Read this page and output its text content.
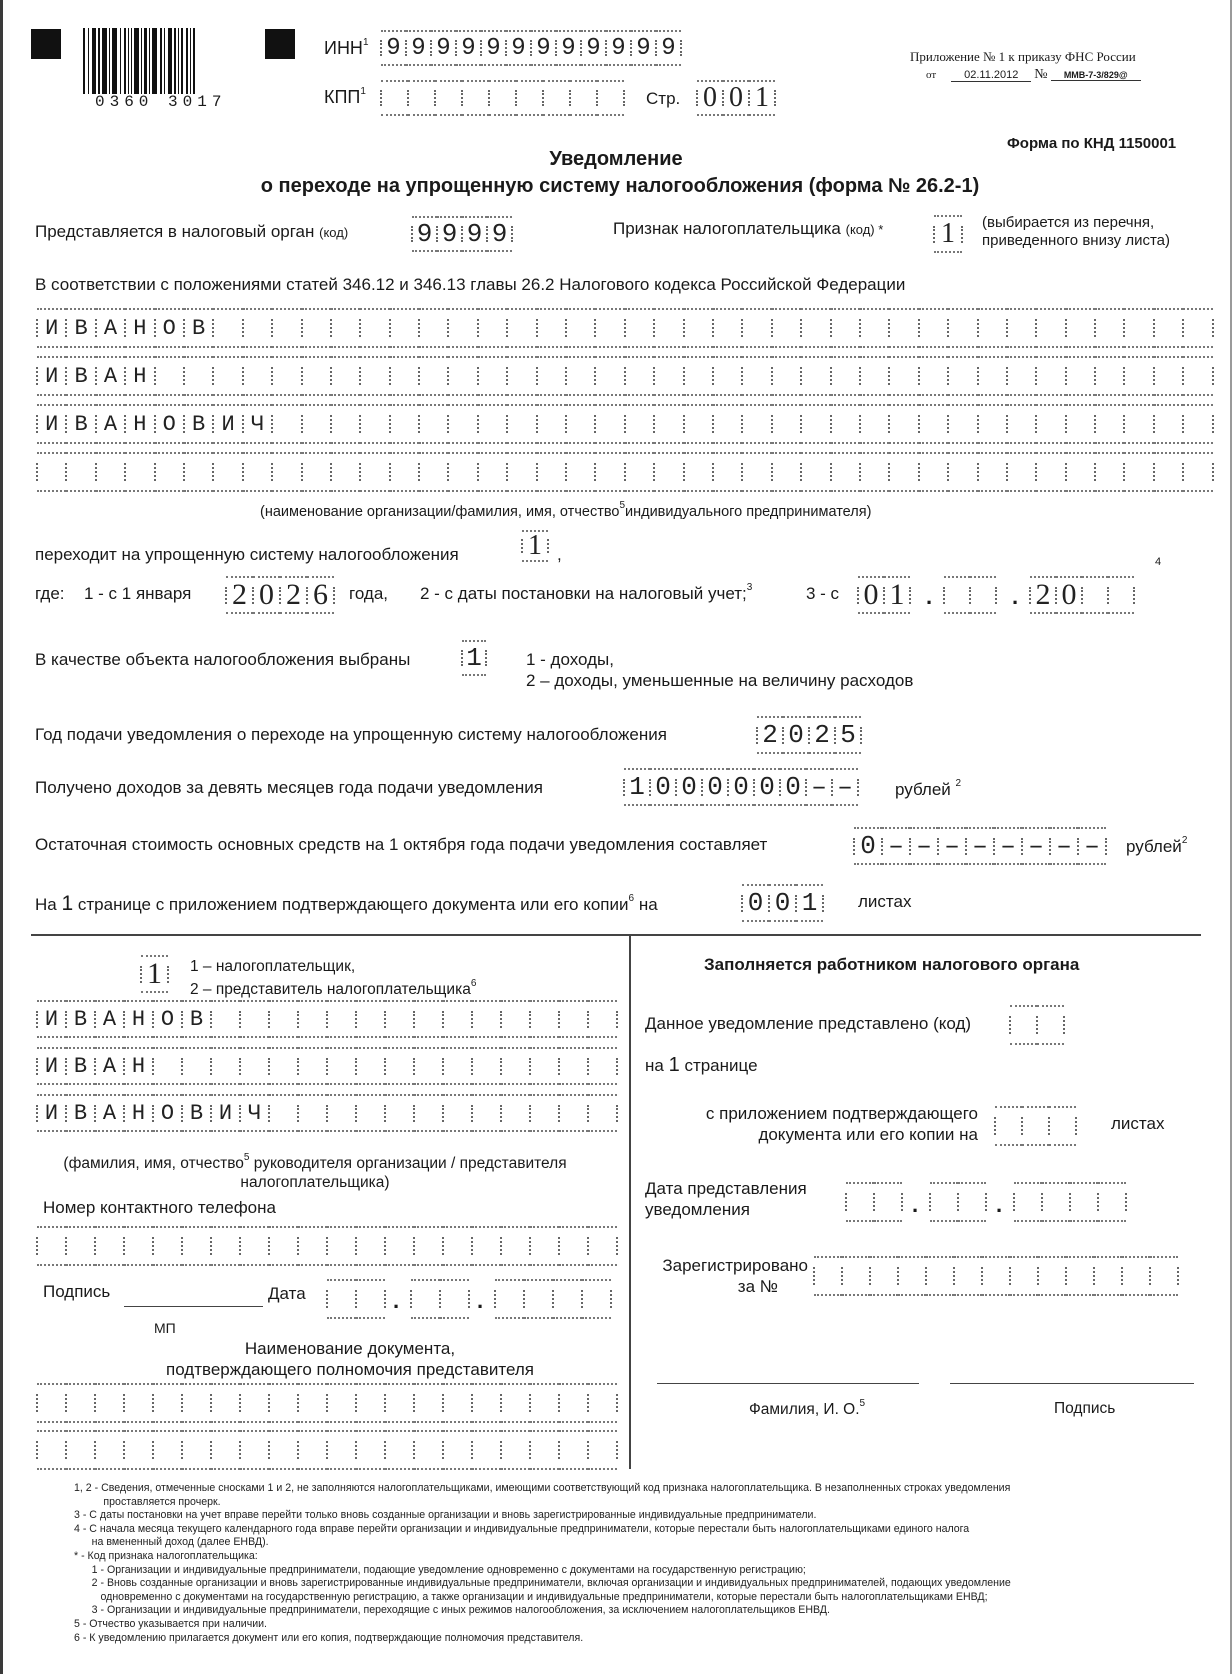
0360 3017
ИНН$^1$ 9 9 9 9 9 9 9 9 9 9 9 9
КПП$^1$	Стр. 0 0 1
Приложение № 1 к приказу ФНС России
от	02.11.2012 № ММВ-7-3/829@
Форма по КНД 1150001
Уведомление
о переходе на упрощенную систему налогообложения (форма № 26.2-1)
Представляется в налоговый орган (код)	9 9 9 9	Признак налогоплательщика (код) * 1	(выбирается из перечня,
приведенного внизу листа)
В соответствии с положениями статей 346.12 и 346.13 главы 26.2 Налогового кодекса Российской Федерации
И В А Н О В
И В А Н
И В А Н О В И Ч
(наименование организации/фамилия, имя, отчество$^5$индивидуального предпринимателя)
переходит на упрощенную систему налогообложения 1 ,
где: 1 - с 1 января 2 0 2 6	года, 2 - с даты постановки на налоговый учет;$^3$	3 - с
4
0 1 .	. 2 0
В качестве объекта налогообложения выбраны 1	1 - доходы,
2 – доходы, уменьшенные на величину расходов
Год подачи уведомления о переходе на упрощенную систему налогообложения	2 0 2 5
Получено доходов за девять месяцев года подачи уведомления	1 0 0 0 0 0 0 – –	рублей $^2$
Остаточная стоимость основных средств на 1 октября года подачи уведомления составляет	0 – – – – – – – –	рублей$^2$
На 1 странице с приложением подтверждающего документа или его копии$^6$ на	0 0 1	листах
1	1 – налогоплательщик,
2 – представитель налогоплательщика$^6$
И В А Н О В
И В А Н
И В А Н О В И Ч
(фамилия, имя, отчество$^5$ руководителя организации / представителя
налогоплательщика)
Номер контактного телефона
Подпись	Дата	.	.
МП
Наименование документа,
подтверждающего полномочия представителя
Заполняется работником налогового органа
Данное уведомление представлено (код)
на 1 странице
с приложением подтверждающего
документа или его копии на
листах
Дата представления
уведомления	.	.
Зарегистрировано
за №
Фамилия, И. О.$^5$	Подпись
1, 2 - Сведения, отмеченные сносками 1 и 2, не заполняются налогоплательщиками, имеющими соответствующий код признака налогоплательщика. В незаполненных строках уведомления
проставляется прочерк.
3 - С даты постановки на учет вправе перейти только вновь созданные организации и вновь зарегистрированные индивидуальные предприниматели.
4 - С начала месяца текущего календарного года вправе перейти организации и индивидуальные предприниматели, которые перестали быть налогоплательщиками единого налога
на вмененный доход (далее ЕНВД).
* - Код признака налогоплательщика:
1 - Организации и индивидуальные предприниматели, подающие уведомление одновременно с документами на государственную регистрацию;
2 - Вновь созданные организации и вновь зарегистрированные индивидуальные предприниматели, включая организации и индивидуальных предпринимателей, подающих уведомление
одновременно с документами на государственную регистрацию, а также организации и индивидуальные предприниматели, которые перестали быть налогоплательщиками ЕНВД;
3 - Организации и индивидуальные предприниматели, переходящие с иных режимов налогообложения, за исключением налогоплательщиков ЕНВД.
5 - Отчество указывается при наличии.
6 - К уведомлению прилагается документ или его копия, подтверждающие полномочия представителя.
